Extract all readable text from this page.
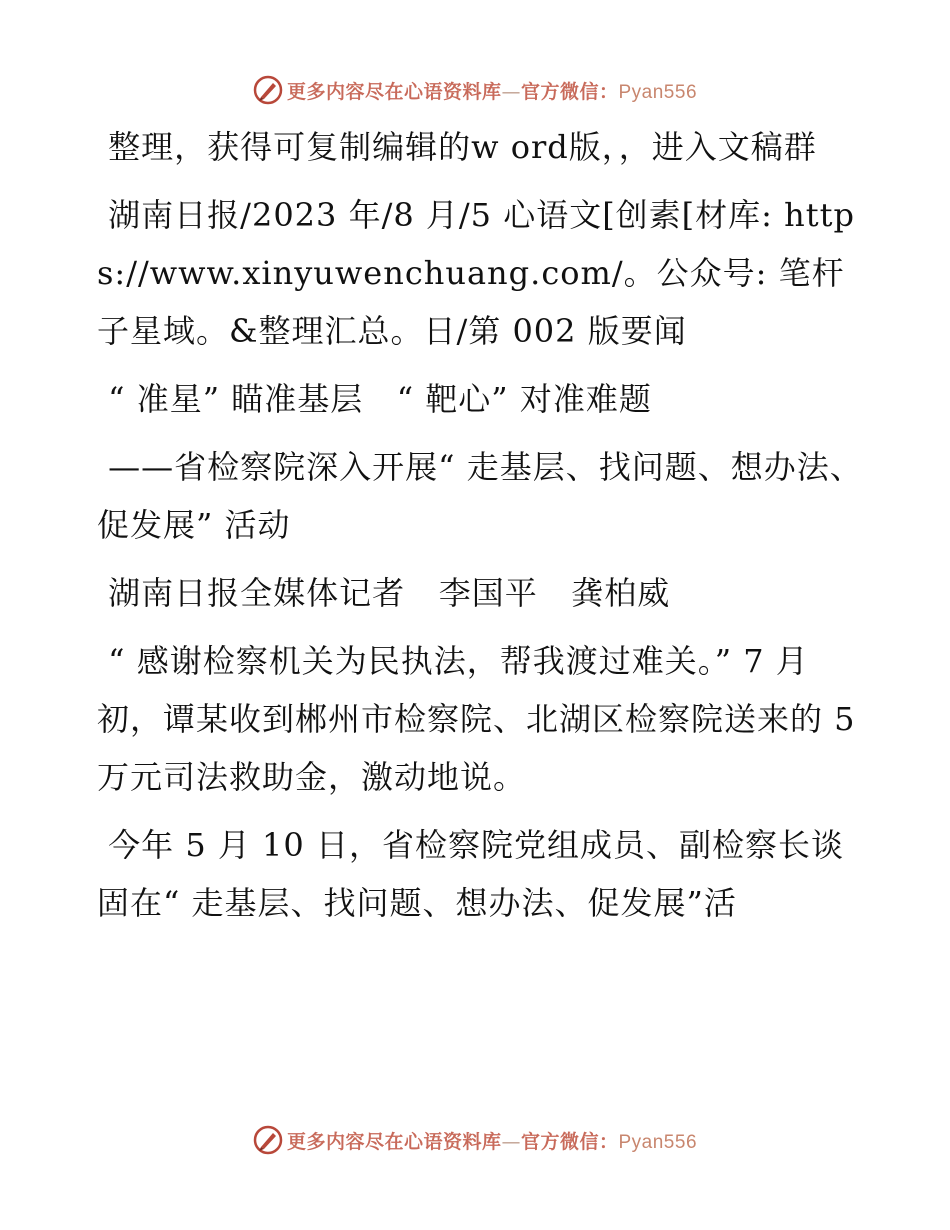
更多内容尽在心语资料库—官方微信：Pyan556

整理，获得可复制编辑的w ord版，，进入文稿群

湖南日报/2023 年/8 月/5 心语文[创素[材库: https://www.xinyuwenchuang.com/。公众号: 笔杆子星域。&整理汇总。日/第 002 版要闻

“ 准星” 瞄准基层   “ 靶心” 对准难题

——省检察院深入开展“ 走基层、找问题、想办法、促发展” 活动

湖南日报全媒体记者   李国平   龚柏威

“ 感谢检察机关为民执法，帮我渡过难关。” 7 月初，谭某收到郴州市检察院、北湖区检察院送来的 5 万元司法救助金，激动地说。

今年 5 月 10 日，省检察院党组成员、副检察长谈固在“ 走基层、找问题、想办法、促发展”活

更多内容尽在心语资料库—官方微信：Pyan556
